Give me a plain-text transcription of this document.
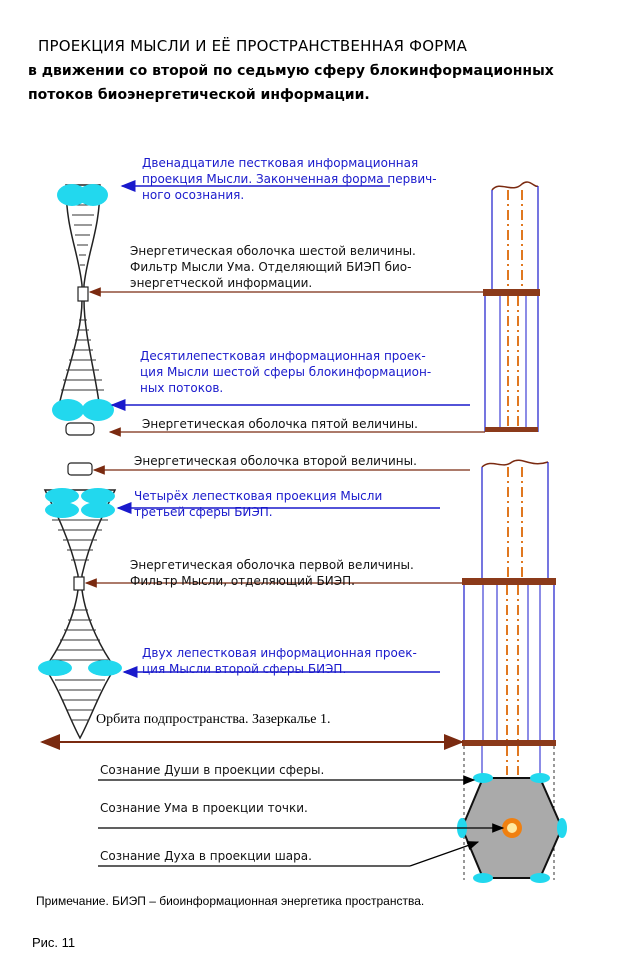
ПРОЕКЦИЯ МЫСЛИ И ЕЁ ПРОСТРАНСТВЕННАЯ ФОРМА

в движении со второй по седьмую сферу блокинформационных
потоков биоэнергетической информации.

Двенадцатиле пестковая информационная
проекция Мысли. Законченная форма первич-
ного осознания.

Энергетическая оболочка шестой величины.
Фильтр Мысли Ума. Отделяющий БИЭП био-
энергетческой информации.

Десятилепестковая информационная проек-
ция Мысли шестой сферы блокинформацион-
ных потоков.

Энергетическая оболочка пятой величины.

Энергетическая оболочка второй величины.

Четырёх лепестковая проекция Мысли
третьей сферы БИЭП.

Энергетическая оболочка первой величины.
Фильтр Мысли, отделяющий БИЭП.

Двух лепестковая информационная проек-
ция Мысли второй сферы БИЭП.

Орбита подпространства. Зазеркалье 1.

Сознание Души в проекции сферы.

Сознание Ума в проекции точки.

Сознание Духа в проекции шара.

Примечание. БИЭП – биоинформационная энергетика пространства.

Рис. 11
